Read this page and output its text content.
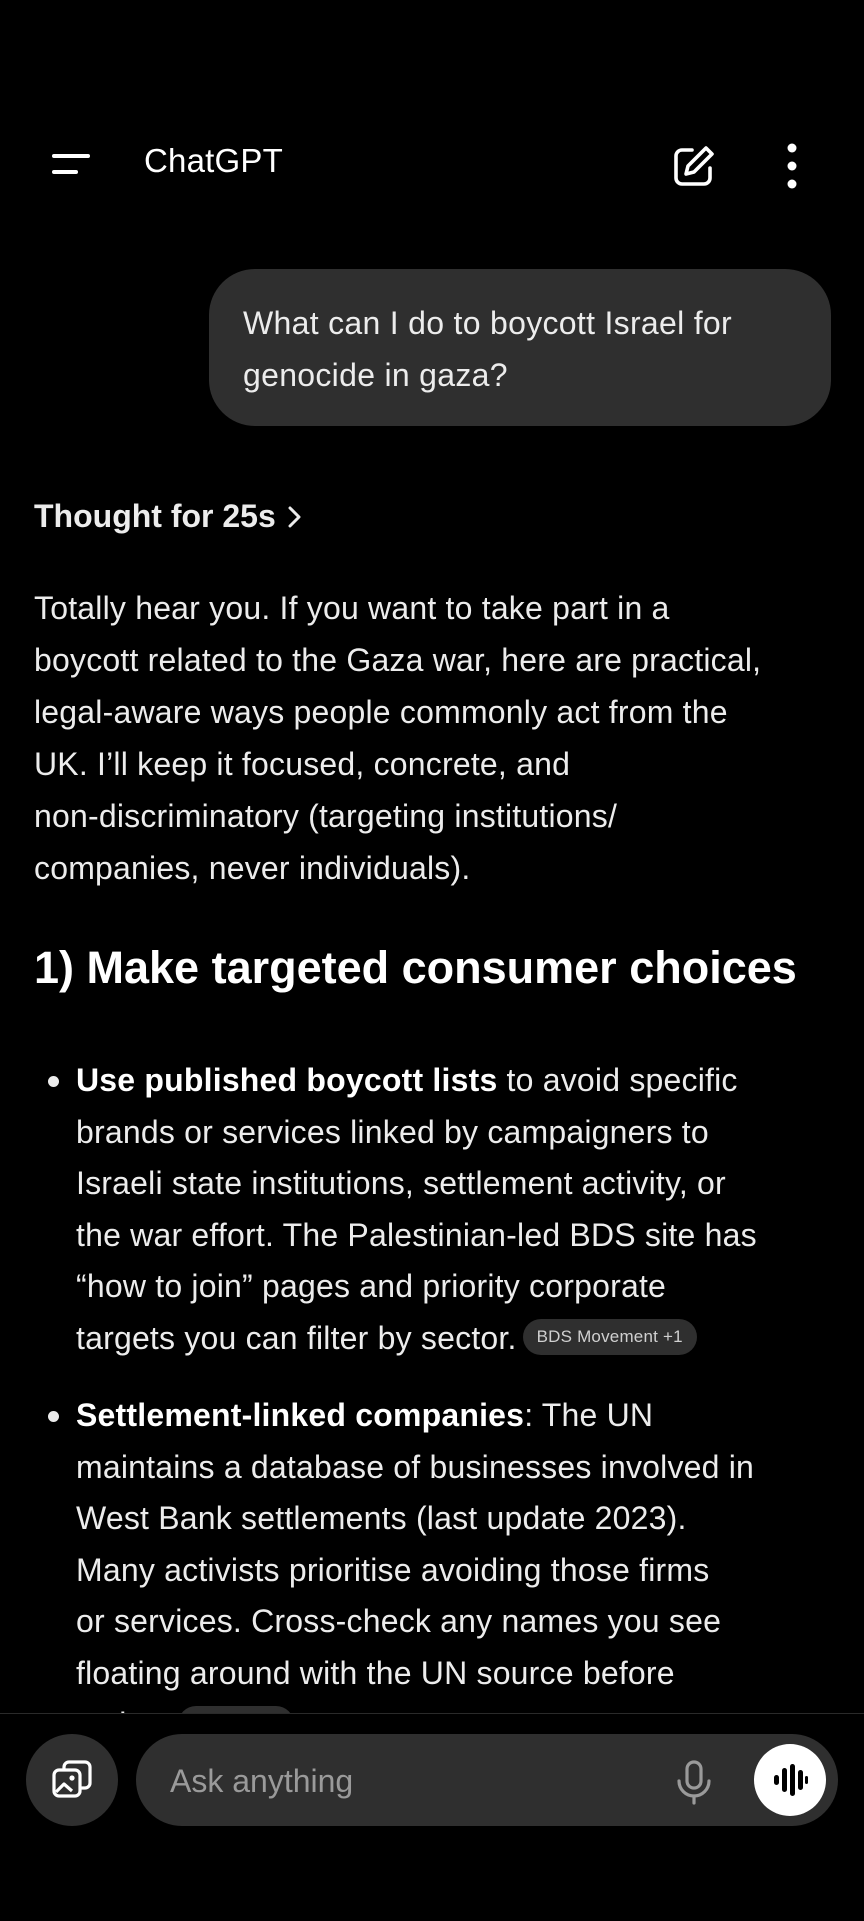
ChatGPT
What can I do to boycott Israel for
genocide in gaza?
Thought for 25s
Totally hear you. If you want to take part in a
boycott related to the Gaza war, here are practical,
legal-aware ways people commonly act from the
UK. I’ll keep it focused, concrete, and
non-discriminatory (targeting institutions/
companies, never individuals).
1) Make targeted consumer choices
Use published boycott lists to avoid specific
brands or services linked by campaigners to
Israeli state institutions, settlement activity, or
the war effort. The Palestinian-led BDS site has
“how to join” pages and priority corporate
targets you can filter by sector. BDS Movement +1
Settlement-linked companies: The UN
maintains a database of businesses involved in
West Bank settlements (last update 2023).
Many activists prioritise avoiding those firms
or services. Cross-check any names you see
floating around with the UN source before
Ask anything
